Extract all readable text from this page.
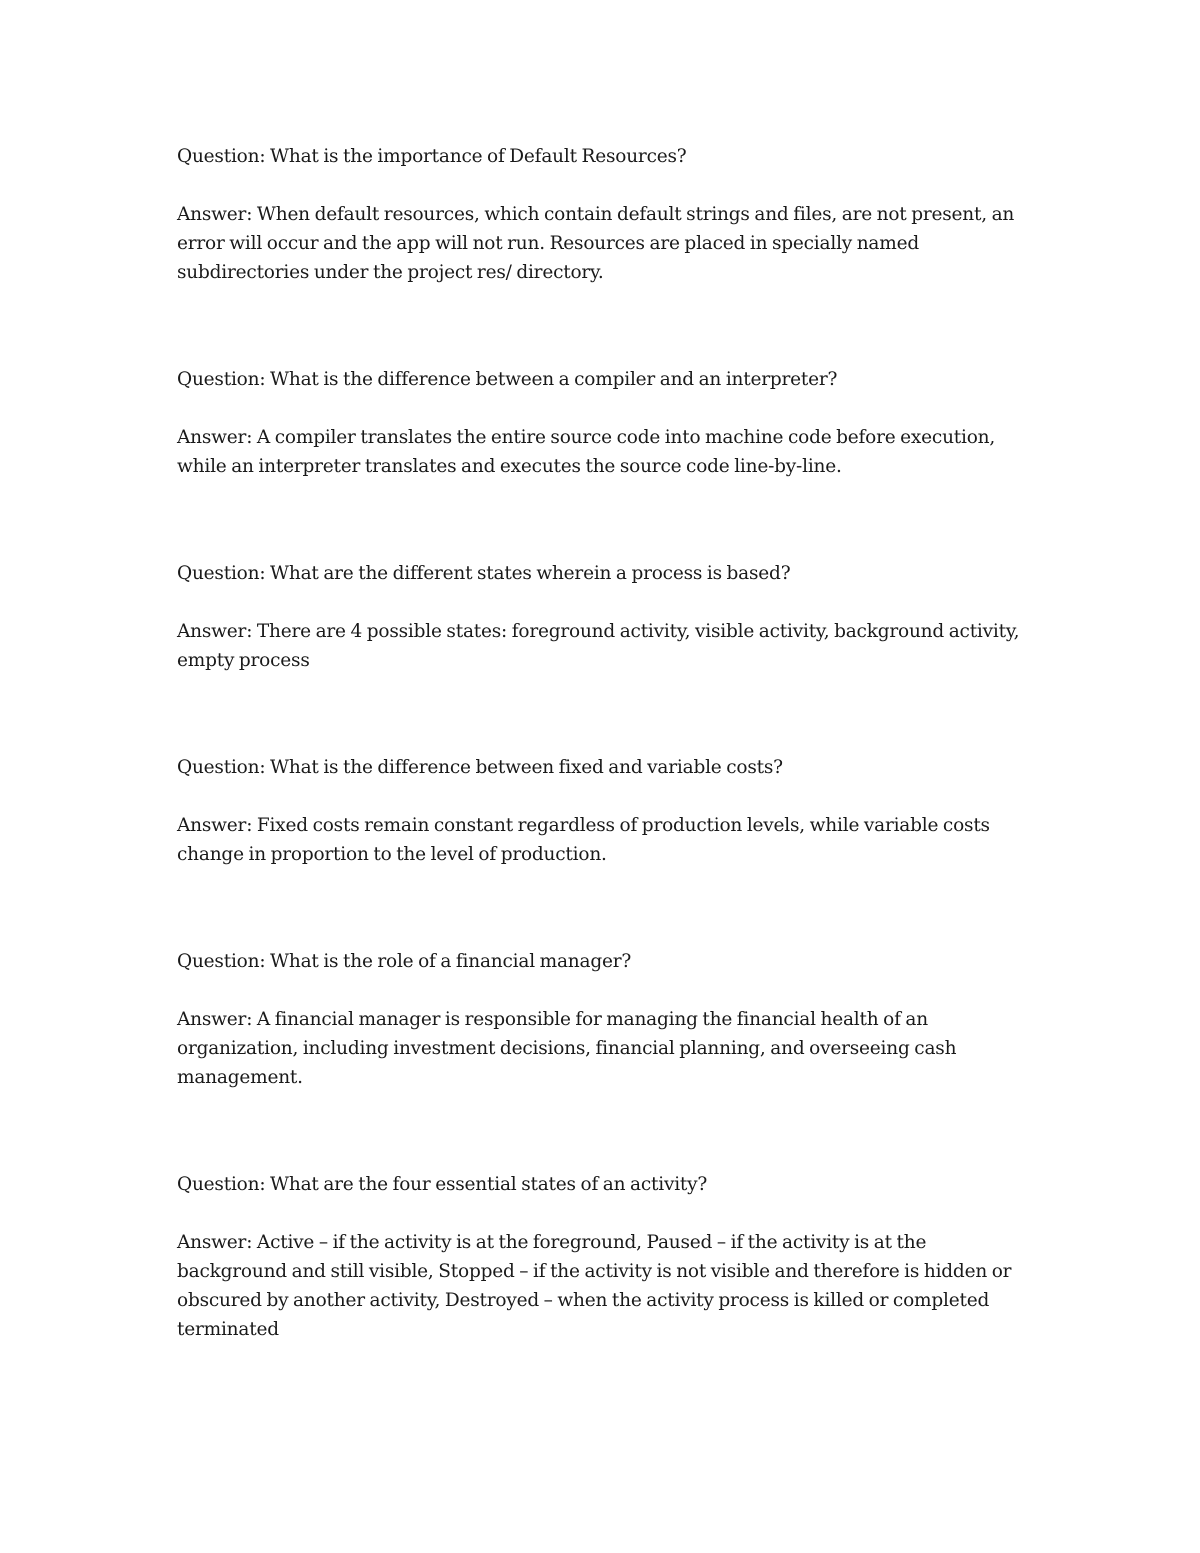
Question: What is the importance of Default Resources?

Answer: When default resources, which contain default strings and files, are not present, an error will occur and the app will not run. Resources are placed in specially named subdirectories under the project res/ directory.

Question: What is the difference between a compiler and an interpreter?

Answer: A compiler translates the entire source code into machine code before execution, while an interpreter translates and executes the source code line-by-line.

Question: What are the different states wherein a process is based?

Answer: There are 4 possible states: foreground activity, visible activity, background activity, empty process

Question: What is the difference between fixed and variable costs?

Answer: Fixed costs remain constant regardless of production levels, while variable costs change in proportion to the level of production.

Question: What is the role of a financial manager?

Answer: A financial manager is responsible for managing the financial health of an organization, including investment decisions, financial planning, and overseeing cash management.

Question: What are the four essential states of an activity?

Answer: Active – if the activity is at the foreground, Paused – if the activity is at the background and still visible, Stopped – if the activity is not visible and therefore is hidden or obscured by another activity, Destroyed – when the activity process is killed or completed terminated
